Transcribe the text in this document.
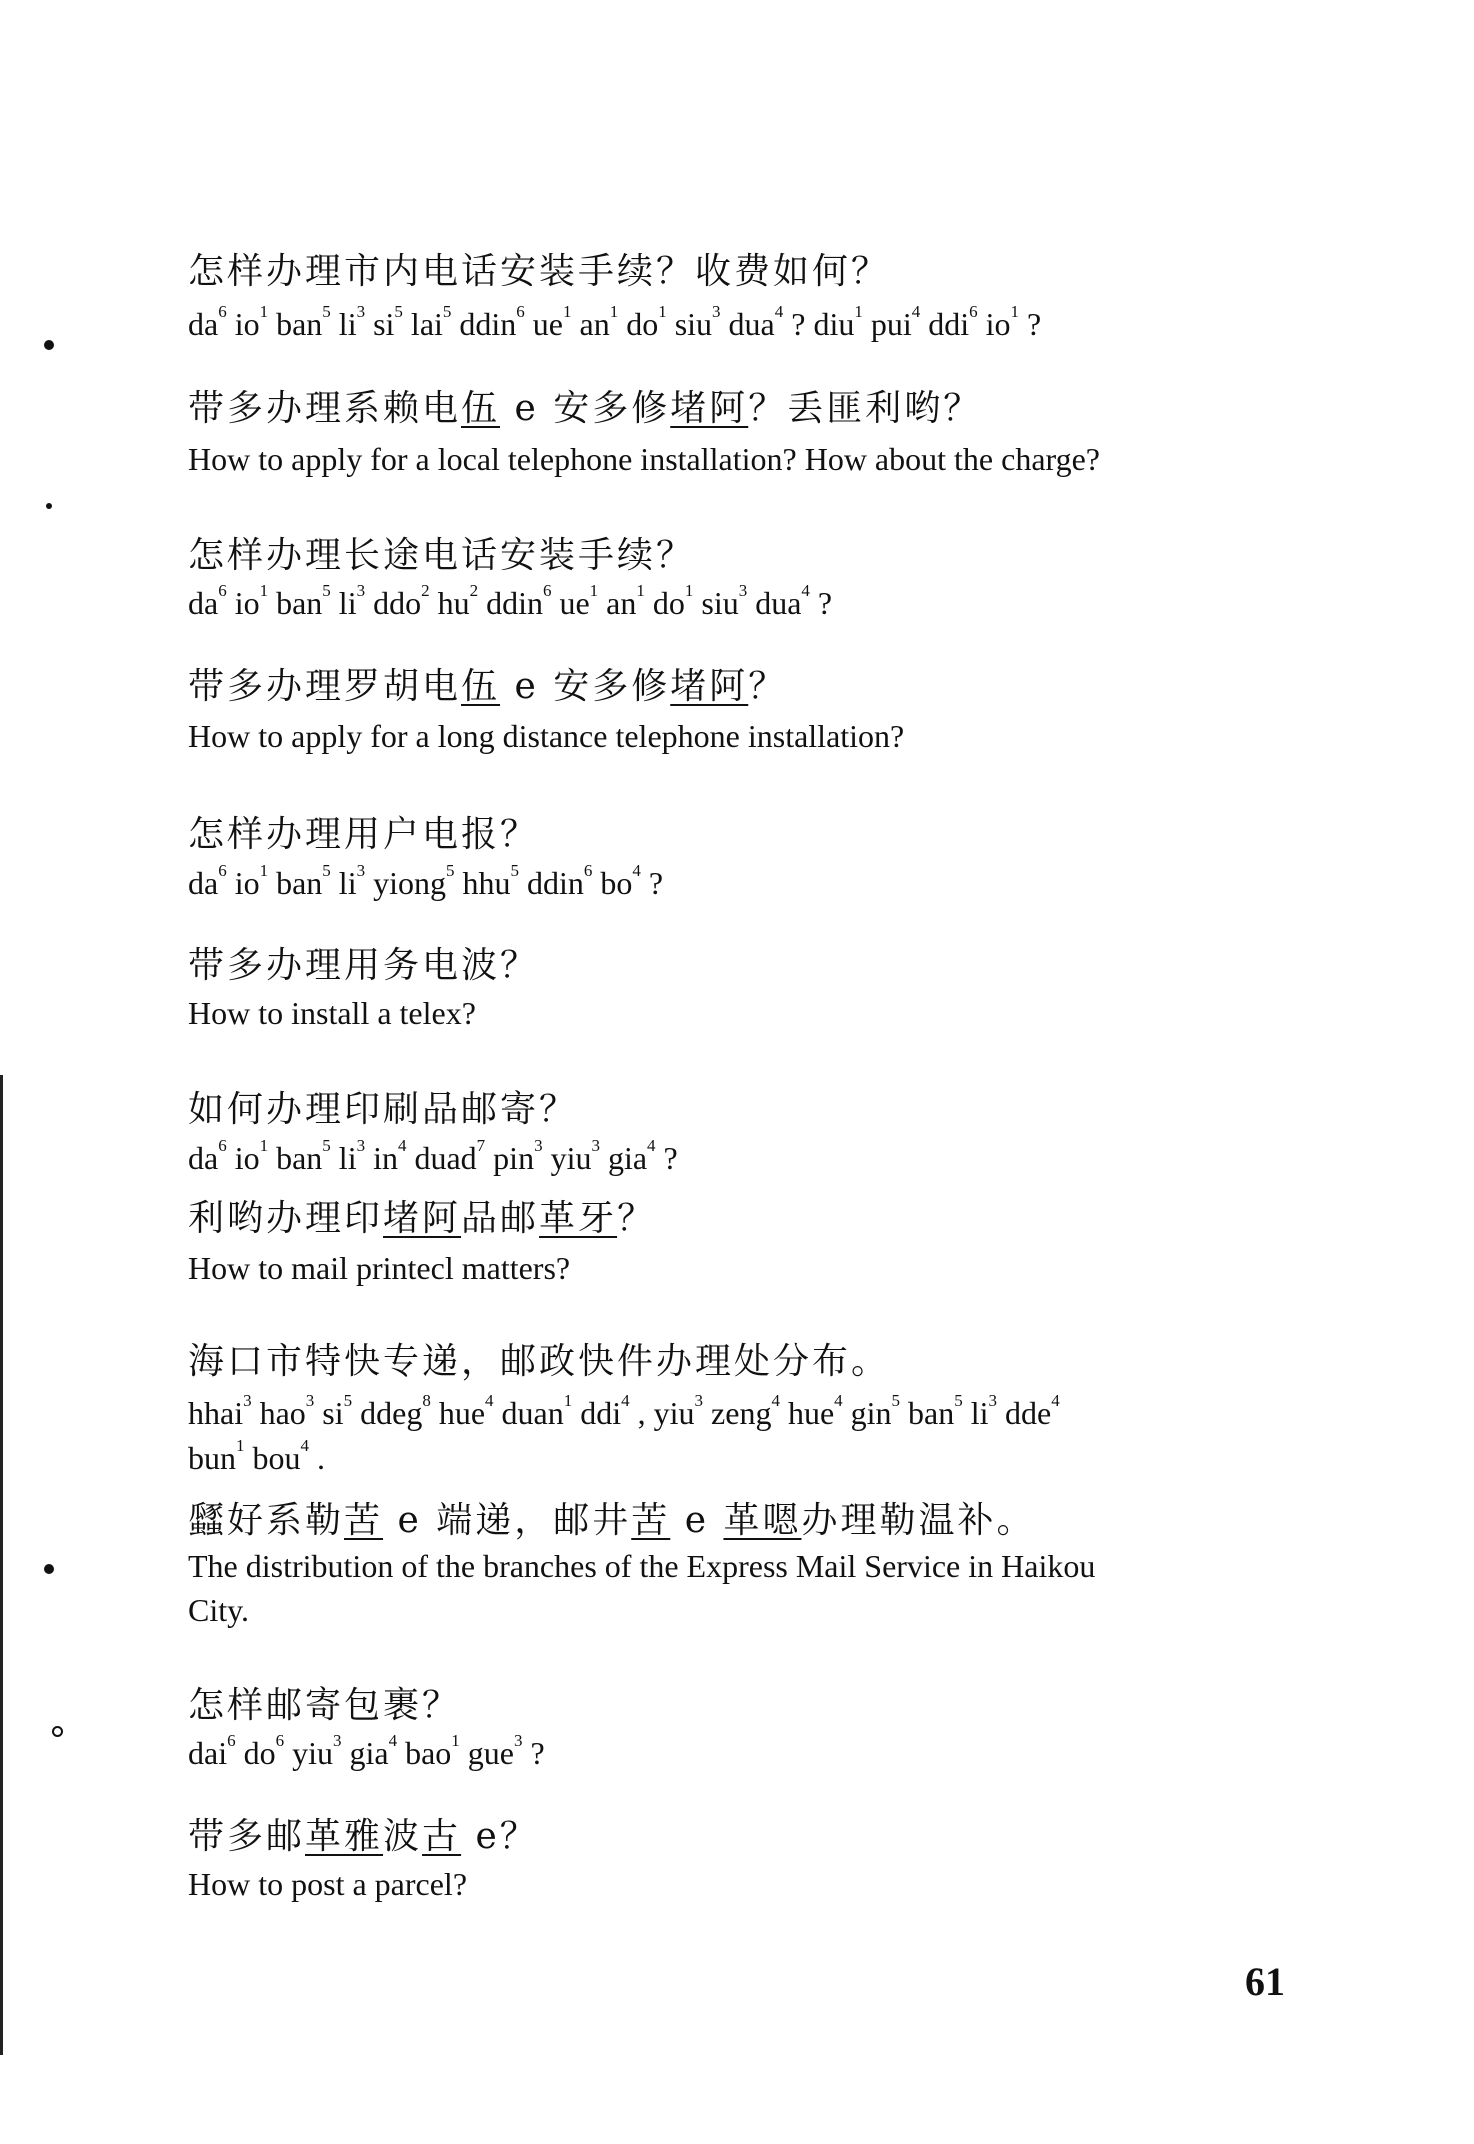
怎样办理市内电话安装手续？收费如何？
$da^6$ $io^1$ ban$^5$ $li^3$ $si^5$ lai$^5$ ddin$^6$ $ue^1$ $an^1$ $do^1$ siu$^3$ dua$^4$ ? diu$^1$ pui$^4$ ddi$^6$ $io^1$ ?
带多办理系赖电伍 e 安多修堵阿？丢匪利哟？
How to apply for a local telephone installation? How about the charge?
怎样办理长途电话安装手续？
$da^6$ $io^1$ ban$^5$ $li^3$ ddo$^2$ $hu^2$ ddin$^6$ $ue^1$ $an^1$ $do^1$ siu$^3$ dua$^4$ ?
带多办理罗胡电伍 e 安多修堵阿？
How to apply for a long distance telephone installation?
怎样办理用户电报？
$da^6$ $io^1$ ban$^5$ $li^3$ yiong$^5$ hhu$^5$ ddin$^6$ $bo^4$ ?
带多办理用务电波？
How to install a telex?
如何办理印刷品邮寄？
$da^6$ $io^1$ ban$^5$ $li^3$ $in^4$ duad$^7$ pin$^3$ yiu$^3$ gia$^4$ ?
利哟办理印堵阿品邮革牙？
How to mail printecl matters?
海口市特快专递，邮政快件办理处分布。
hhai$^3$ hao$^3$ $si^5$ ddeg$^8$ hue$^4$ duan$^1$ ddi$^4$ , yiu$^3$ zeng$^4$ hue$^4$ gin$^5$ ban$^5$ $li^3$ dde$^4$
bun$^1$ bou$^4$ .
瓥好系勒苦 e 端递，邮井苦 e 革嗯办理勒温补。
The distribution of the branches of the Express Mail Service in Haikou
City.
怎样邮寄包裹？
dai$^6$ $do^6$ yiu$^3$ gia$^4$ bao$^1$ gue$^3$ ?
带多邮革雅波古 e？
How to post a parcel?
61
